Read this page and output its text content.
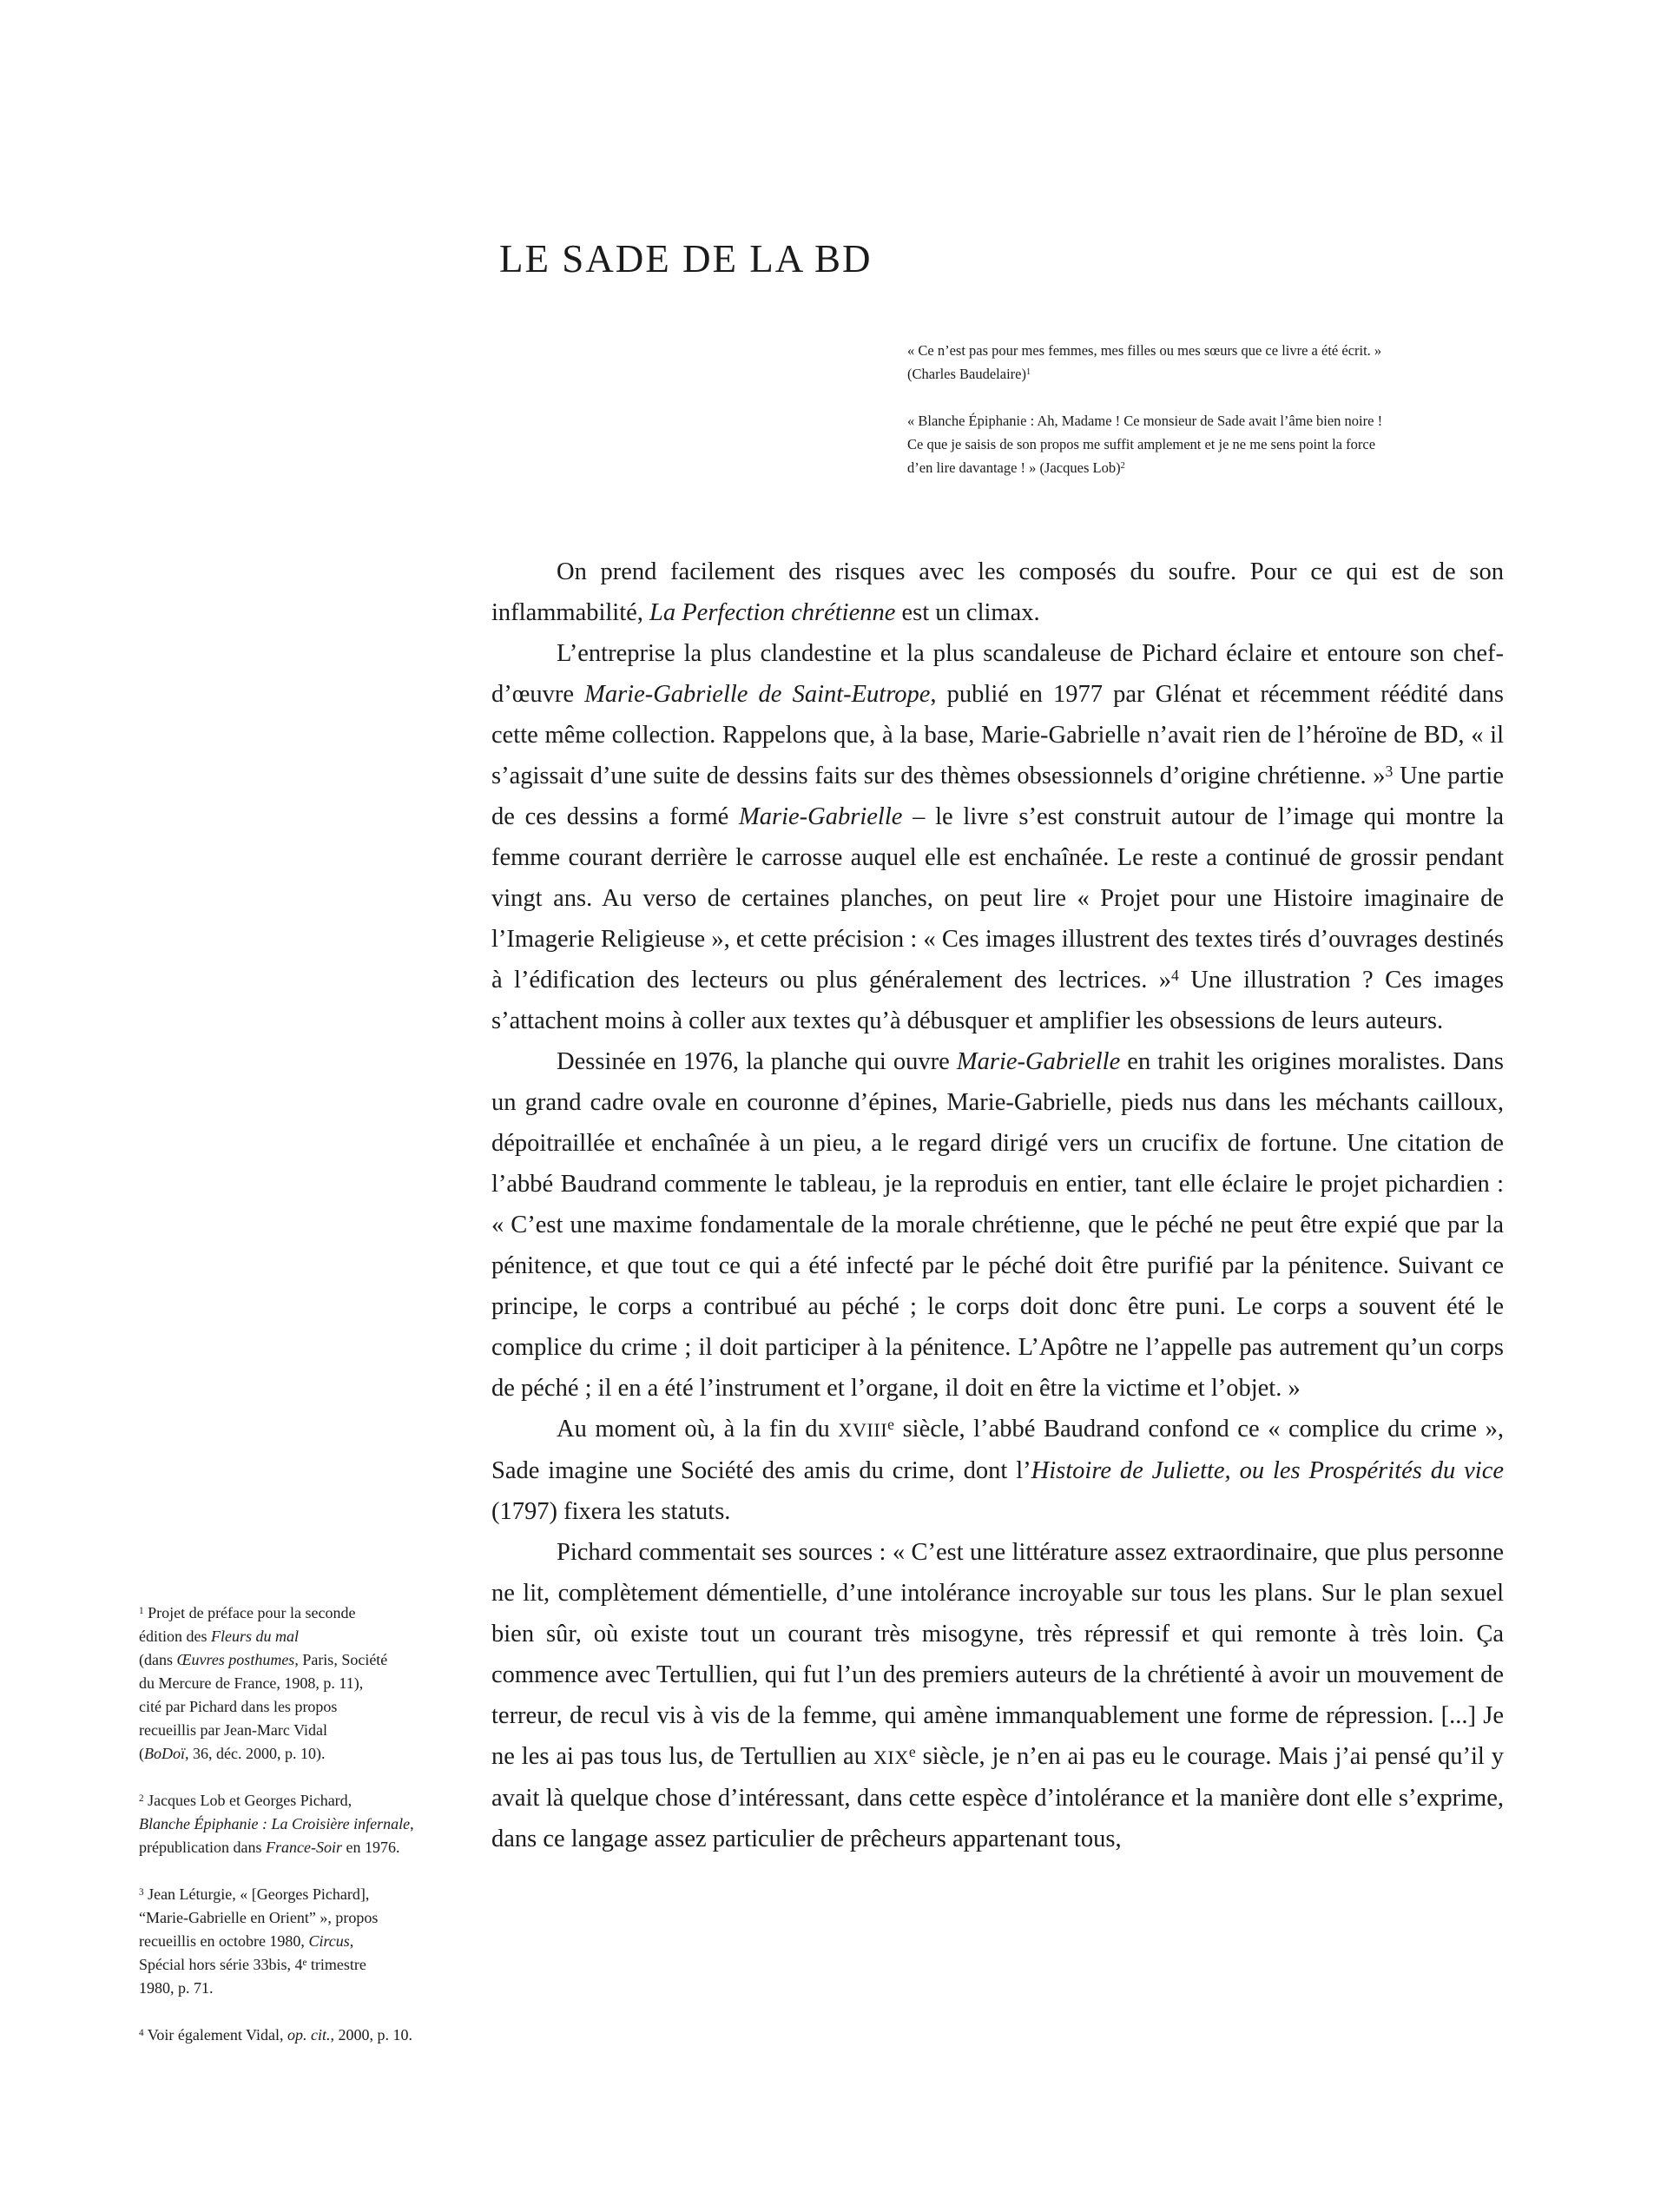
LE SADE DE LA BD

« Ce n’est pas pour mes femmes, mes filles ou mes sœurs que ce livre a été écrit. »
(Charles Baudelaire)$^1$

« Blanche Épiphanie : Ah, Madame ! Ce monsieur de Sade avait l’âme bien noire !
Ce que je saisis de son propos me suffit amplement et je ne me sens point la force
d’en lire davantage ! » (Jacques Lob)$^2$

On prend facilement des risques avec les composés du soufre. Pour ce qui est de son inflammabilité, La Perfection chrétienne est un climax.

L’entreprise la plus clandestine et la plus scandaleuse de Pichard éclaire et entoure son chef-d’œuvre Marie-Gabrielle de Saint-Eutrope, publié en 1977 par Glénat et récemment réédité dans cette même collection. Rappelons que, à la base, Marie-Gabrielle n’avait rien de l’héroïne de BD, « il s’agissait d’une suite de dessins faits sur des thèmes obsessionnels d’origine chrétienne. »$^3$ Une partie de ces dessins a formé Marie-Gabrielle – le livre s’est construit autour de l’image qui montre la femme courant derrière le carrosse auquel elle est enchaînée. Le reste a continué de grossir pendant vingt ans. Au verso de certaines planches, on peut lire « Projet pour une Histoire imaginaire de l’Imagerie Religieuse », et cette précision : « Ces images illustrent des textes tirés d’ouvrages destinés à l’édification des lecteurs ou plus généralement des lectrices. »$^4$ Une illustration ? Ces images s’attachent moins à coller aux textes qu’à débusquer et amplifier les obsessions de leurs auteurs.

Dessinée en 1976, la planche qui ouvre Marie-Gabrielle en trahit les origines moralistes. Dans un grand cadre ovale en couronne d’épines, Marie-Gabrielle, pieds nus dans les méchants cailloux, dépoitraillée et enchaînée à un pieu, a le regard dirigé vers un crucifix de fortune. Une citation de l’abbé Baudrand commente le tableau, je la reproduis en entier, tant elle éclaire le projet pichardien : « C’est une maxime fondamentale de la morale chrétienne, que le péché ne peut être expié que par la pénitence, et que tout ce qui a été infecté par le péché doit être purifié par la pénitence. Suivant ce principe, le corps a contribué au péché ; le corps doit donc être puni. Le corps a souvent été le complice du crime ; il doit participer à la pénitence. L’Apôtre ne l’appelle pas autrement qu’un corps de péché ; il en a été l’instrument et l’organe, il doit en être la victime et l’objet. »

Au moment où, à la fin du XVIIIe siècle, l’abbé Baudrand confond ce « complice du crime », Sade imagine une Société des amis du crime, dont l’Histoire de Juliette, ou les Prospérités du vice (1797) fixera les statuts.

Pichard commentait ses sources : « C’est une littérature assez extraordinaire, que plus personne ne lit, complètement démentielle, d’une intolérance incroyable sur tous les plans. Sur le plan sexuel bien sûr, où existe tout un courant très misogyne, très répressif et qui remonte à très loin. Ça commence avec Tertullien, qui fut l’un des premiers auteurs de la chrétienté à avoir un mouvement de terreur, de recul vis à vis de la femme, qui amène immanquablement une forme de répression. [...] Je ne les ai pas tous lus, de Tertullien au XIXe siècle, je n’en ai pas eu le courage. Mais j’ai pensé qu’il y avait là quelque chose d’intéressant, dans cette espèce d’intolérance et la manière dont elle s’exprime, dans ce langage assez particulier de prêcheurs appartenant tous,

$^1$ Projet de préface pour la seconde
édition des Fleurs du mal
(dans Œuvres posthumes, Paris, Société
du Mercure de France, 1908, p. 11),
cité par Pichard dans les propos
recueillis par Jean-Marc Vidal
(BoDoï, 36, déc. 2000, p. 10).

$^2$ Jacques Lob et Georges Pichard,
Blanche Épiphanie : La Croisière infernale,
prépublication dans France-Soir en 1976.

$^3$ Jean Léturgie, « [Georges Pichard],
“Marie-Gabrielle en Orient” », propos
recueillis en octobre 1980, Circus,
Spécial hors série 33bis, 4e trimestre
1980, p. 71.

$^4$ Voir également Vidal, op. cit., 2000, p. 10.
